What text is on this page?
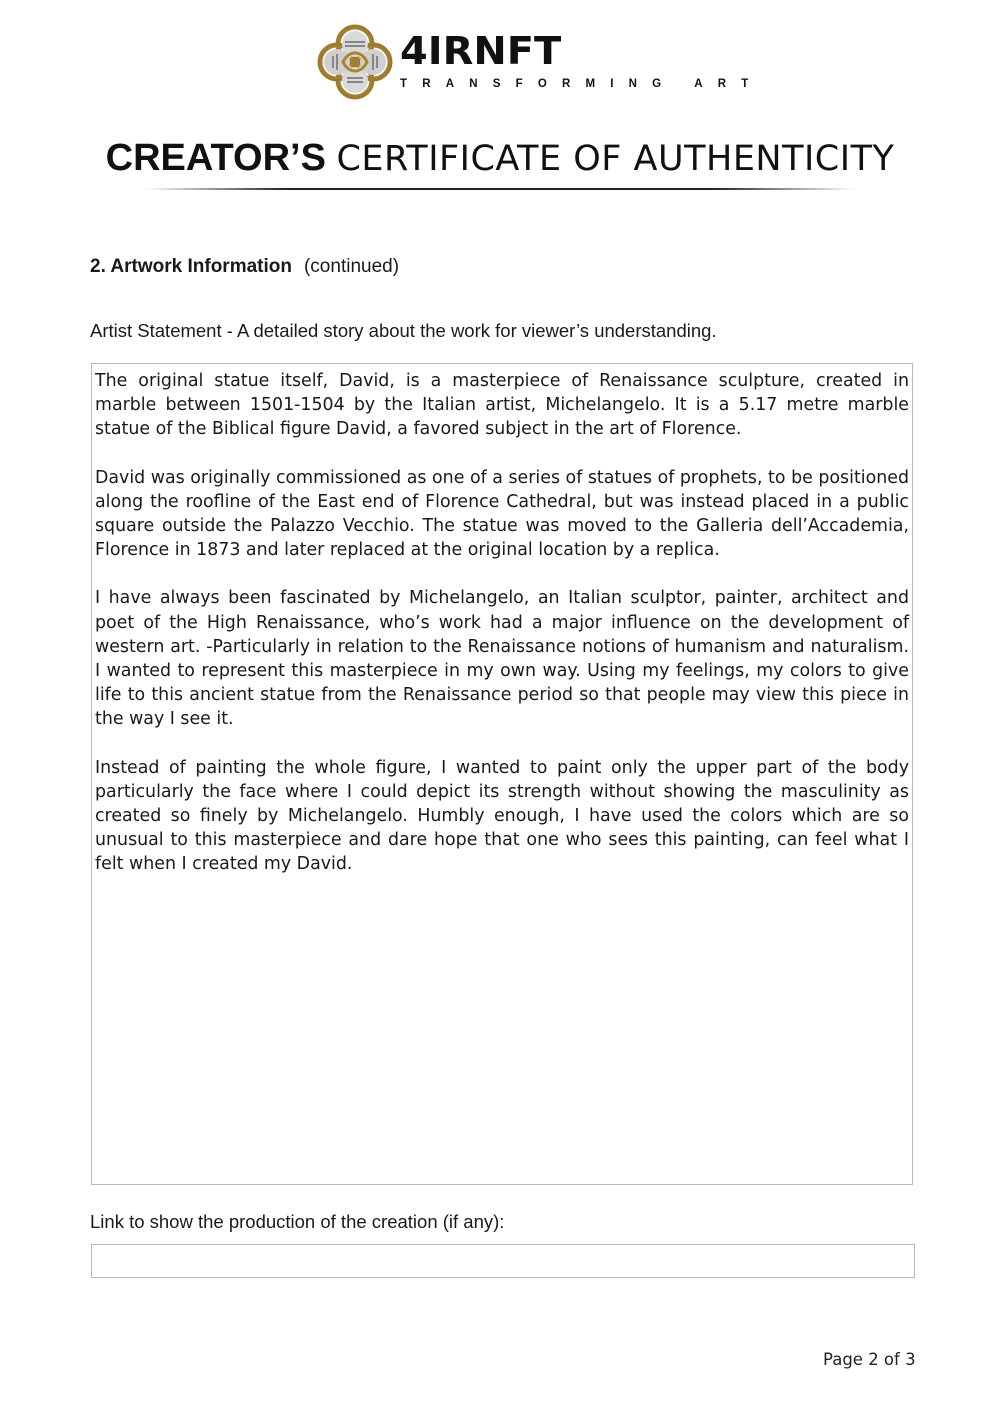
4IRNFT
TRANSFORMING ART
CREATOR’S CERTIFICATE OF AUTHENTICITY
2. Artwork Information (continued)
Artist Statement - A detailed story about the work for viewer’s understanding.

The original statue itself, David, is a masterpiece of Renaissance sculpture, created in marble between 1501-1504 by the Italian artist, Michelangelo. It is a 5.17 metre marble statue of the Biblical figure David, a favored subject in the art of Florence.

David was originally commissioned as one of a series of statues of prophets, to be positioned along the roofline of the East end of Florence Cathedral, but was instead placed in a public square outside the Palazzo Vecchio. The statue was moved to the Galleria dell’Accademia, Florence in 1873 and later replaced at the original location by a replica.

I have always been fascinated by Michelangelo, an Italian sculptor, painter, architect and poet of the High Renaissance, who’s work had a major influence on the development of western art. -Particularly in relation to the Renaissance notions of humanism and naturalism. I wanted to represent this masterpiece in my own way. Using my feelings, my colors to give life to this ancient statue from the Renaissance period so that people may view this piece in the way I see it.

Instead of painting the whole figure, I wanted to paint only the upper part of the body particularly the face where I could depict its strength without showing the masculinity as created so finely by Michelangelo. Humbly enough, I have used the colors which are so unusual to this masterpiece and dare hope that one who sees this painting, can feel what I felt when I created my David.

Link to show the production of the creation (if any):
Page 2 of 3
